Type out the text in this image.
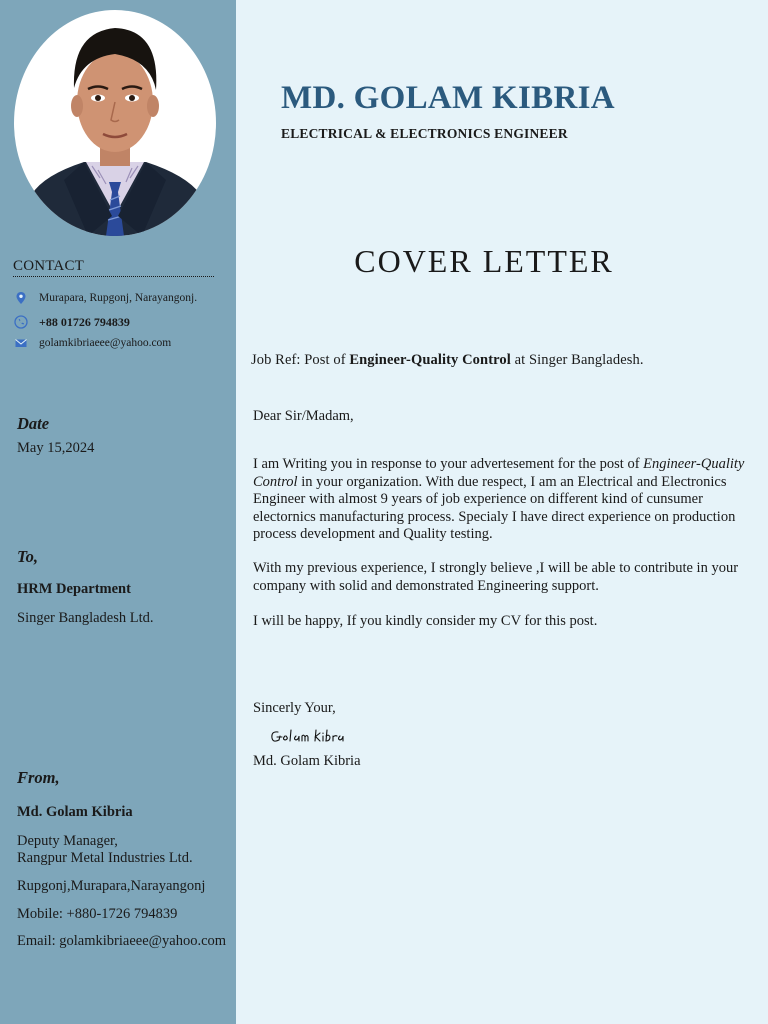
CONTACT
Murapara, Rupgonj, Narayangonj.
+88 01726 794839
golamkibriaeee@yahoo.com
Date
May 15,2024
To,
HRM Department
Singer Bangladesh Ltd.
From,
Md. Golam Kibria
Deputy Manager,
Rangpur Metal Industries Ltd.
Rupgonj,Murapara,Narayangonj
Mobile: +880-1726 794839
Email: golamkibriaeee@yahoo.com
MD. GOLAM KIBRIA
ELECTRICAL & ELECTRONICS ENGINEER
COVER LETTER
Job Ref: Post of Engineer-Quality Control at Singer Bangladesh.
Dear Sir/Madam,
I am Writing you in response to your advertesement for the post of Engineer-Quality Control in your organization. With due respect, I am an Electrical and Electronics Engineer with almost 9 years of job experience on different kind of cunsumer electornics manufacturing process. Specialy I have direct experience on production process development and Quality testing.
With my previous experience, I strongly believe ,I will be able to contribute in your company with solid and demonstrated Engineering support.
I will be happy, If you kindly consider my CV for this post.
Sincerly Your,
Md. Golam Kibria
